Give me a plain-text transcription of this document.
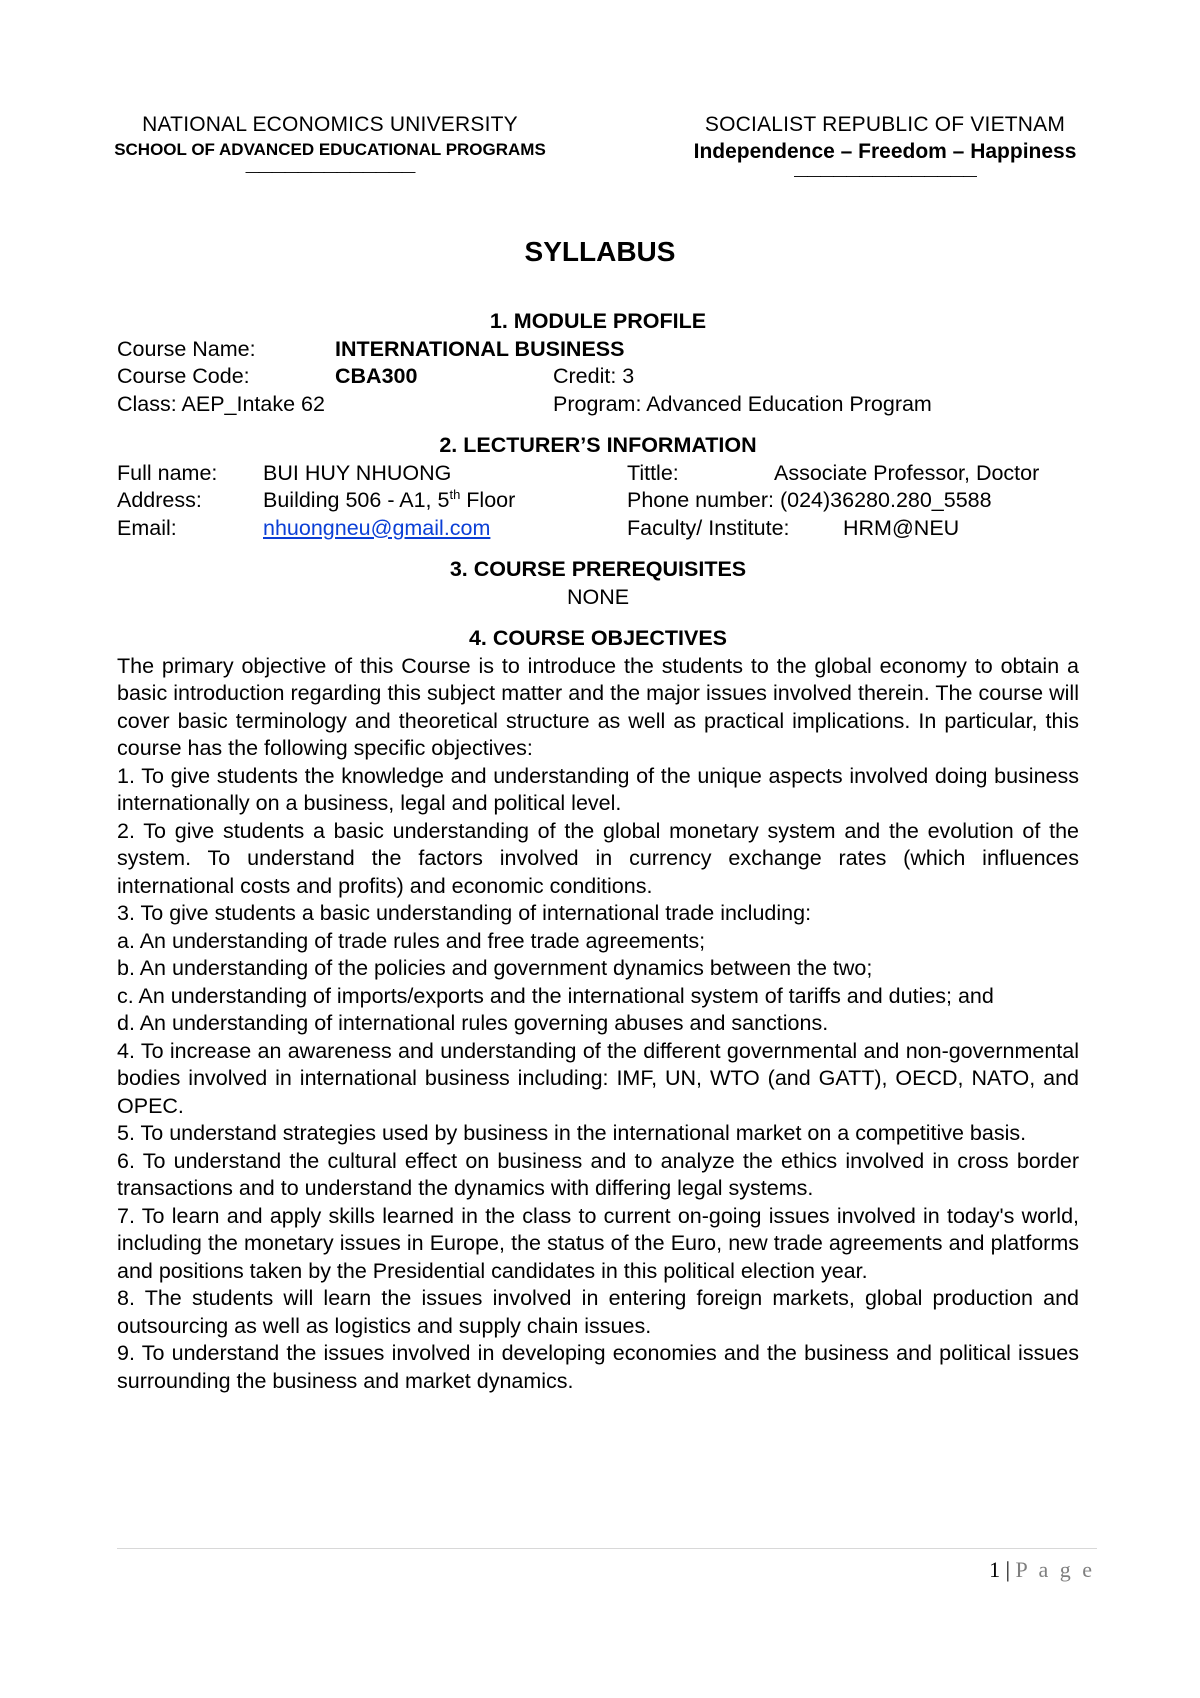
NATIONAL ECONOMICS UNIVERSITY
SCHOOL OF ADVANCED EDUCATIONAL PROGRAMS
—————————————
SOCIALIST REPUBLIC OF VIETNAM
Independence – Freedom – Happiness
——————————————
SYLLABUS
1. MODULE PROFILE
Course Name:	INTERNATIONAL BUSINESS
Course Code:	CBA300	Credit: 3
Class: AEP_Intake 62	Program: Advanced Education Program
2. LECTURER’S INFORMATION
Full name:	BUI HUY NHUONG	Tittle:	Associate Professor, Doctor
Address:	Building 506 - A1, 5th Floor	Phone number: (024)36280.280_5588
Email:	nhuongneu@gmail.com	Faculty/ Institute:	HRM@NEU
3. COURSE PREREQUISITES
NONE
4. COURSE OBJECTIVES

The primary objective of this Course is to introduce the students to the global economy to obtain a basic introduction regarding this subject matter and the major issues involved therein. The course will cover basic terminology and theoretical structure as well as practical implications. In particular, this course has the following specific objectives:

1. To give students the knowledge and understanding of the unique aspects involved doing business internationally on a business, legal and political level.

2. To give students a basic understanding of the global monetary system and the evolution of the system. To understand the factors involved in currency exchange rates (which influences international costs and profits) and economic conditions.

3. To give students a basic understanding of international trade including:

a. An understanding of trade rules and free trade agreements;

b. An understanding of the policies and government dynamics between the two;

c. An understanding of imports/exports and the international system of tariffs and duties; and

d. An understanding of international rules governing abuses and sanctions.

4. To increase an awareness and understanding of the different governmental and non-governmental bodies involved in international business including: IMF, UN, WTO (and GATT), OECD, NATO, and OPEC.

5. To understand strategies used by business in the international market on a competitive basis.

6. To understand the cultural effect on business and to analyze the ethics involved in cross border transactions and to understand the dynamics with differing legal systems.

7. To learn and apply skills learned in the class to current on-going issues involved in today's world, including the monetary issues in Europe, the status of the Euro, new trade agreements and platforms and positions taken by the Presidential candidates in this political election year.

8. The students will learn the issues involved in entering foreign markets, global production and outsourcing as well as logistics and supply chain issues.

9. To understand the issues involved in developing economies and the business and political issues surrounding the business and market dynamics.

1 | P a g e
